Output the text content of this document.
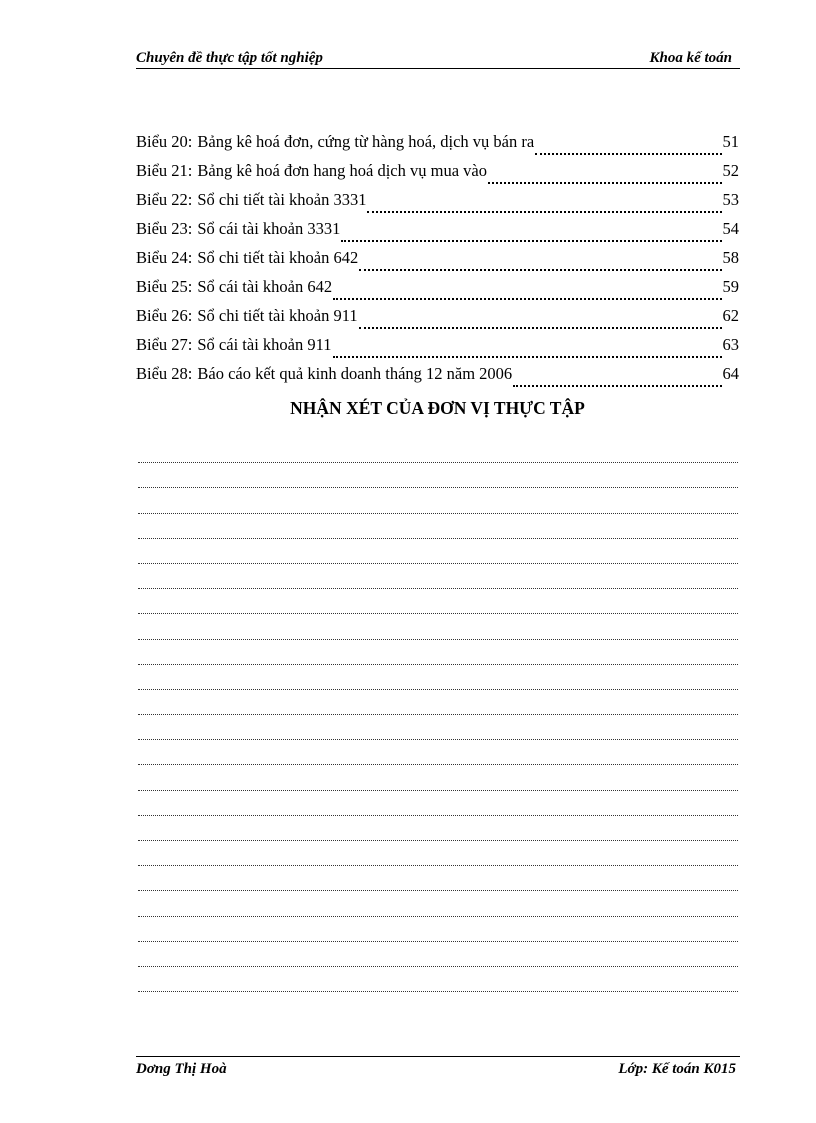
Chuyên đề thực tập tốt nghiệp	Khoa kế toán
Biểu 20: Bảng kê hoá đơn, cứng từ hàng hoá, dịch vụ bán ra	51
Biểu 21: Bảng kê hoá đơn hang hoá dịch vụ mua vào	52
Biểu 22: Sổ chi tiết tài khoản 3331	53
Biểu 23: Sổ cái tài khoản 3331	54
Biểu 24: Sổ chi tiết tài khoản 642	58
Biểu 25: Sổ cái tài khoản 642	59
Biểu 26: Sổ chi tiết tài khoản 911	62
Biểu 27: Sổ cái tài khoản 911	63
Biểu 28: Báo cáo kết quả kinh doanh tháng 12 năm 2006	64
NHẬN XÉT CỦA ĐƠN VỊ THỰC TẬP
Dơng Thị Hoà	Lớp: Kế toán K015
